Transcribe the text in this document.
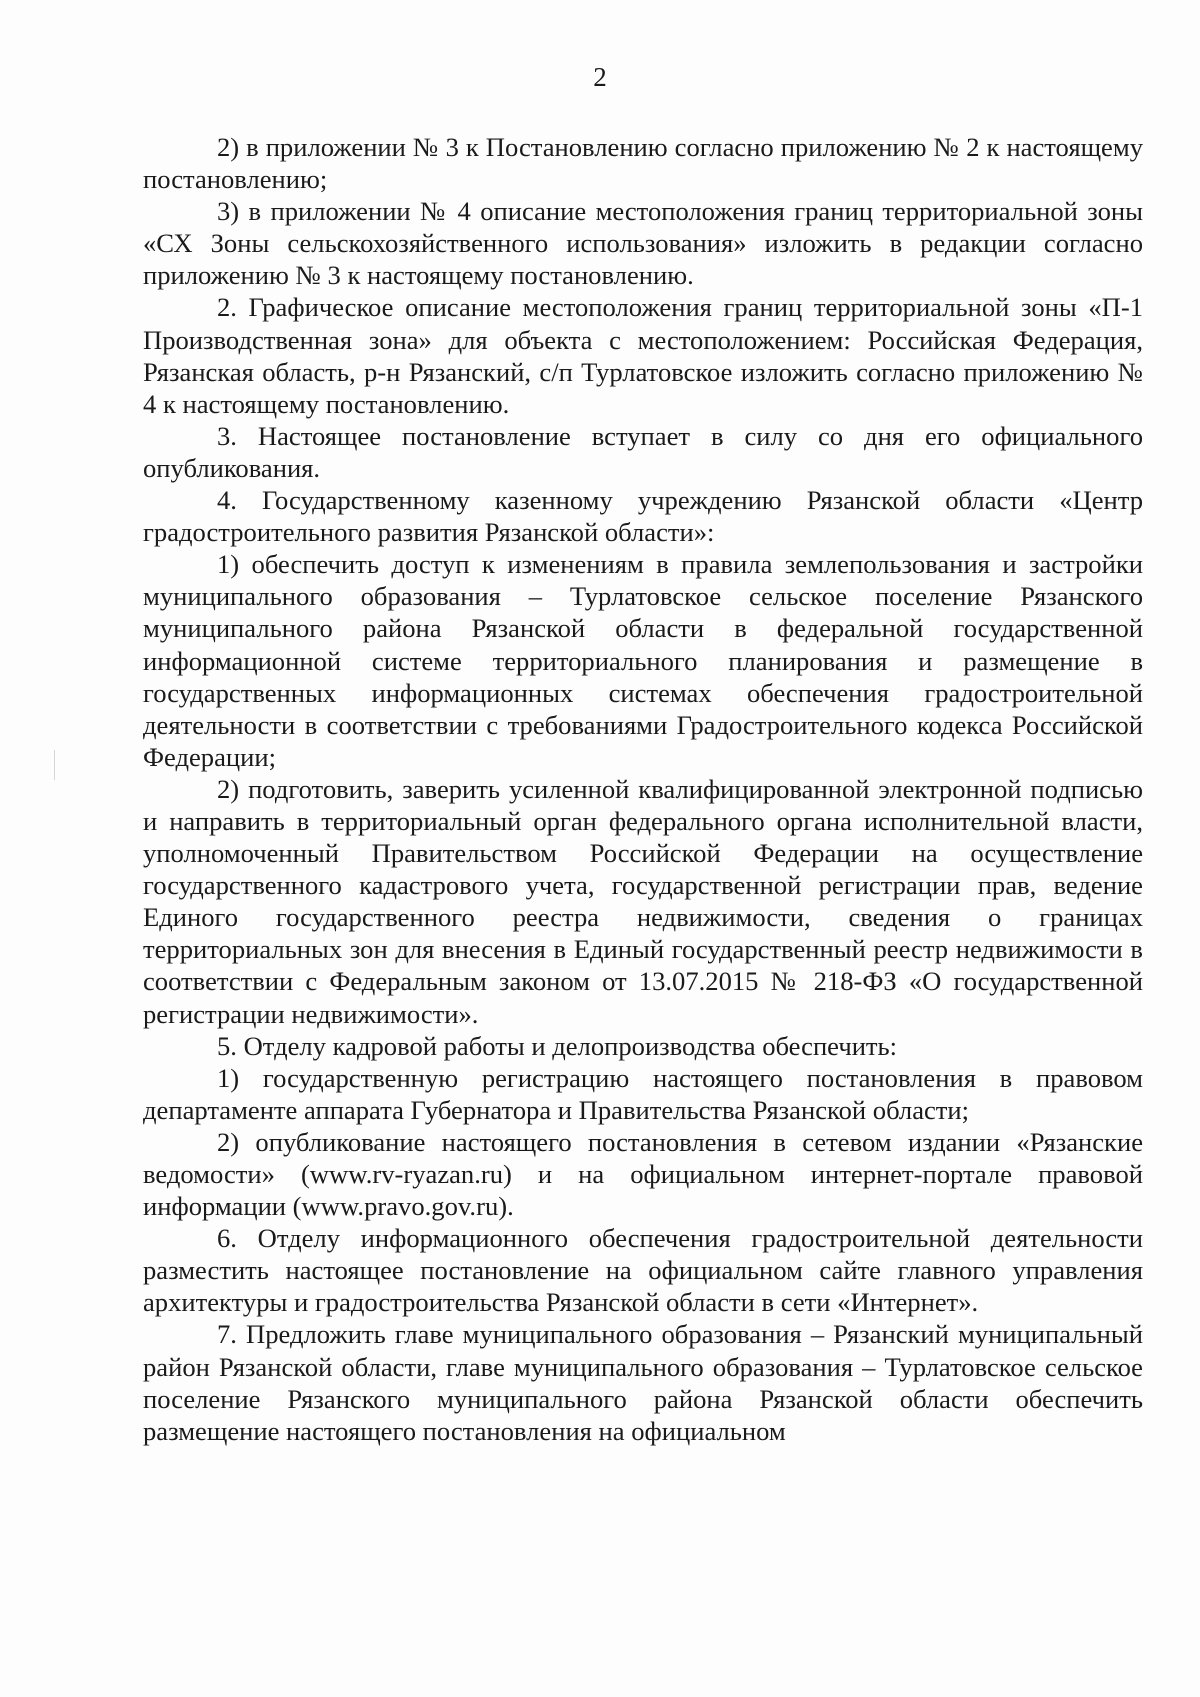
2

2) в приложении № 3 к Постановлению согласно приложению № 2 к настоящему постановлению;

3) в приложении № 4 описание местоположения границ территориальной зоны «СХ Зоны сельскохозяйственного использования» изложить в редакции согласно приложению № 3 к настоящему постановлению.

2. Графическое описание местоположения границ территориальной зоны «П-1 Производственная зона» для объекта с местоположением: Российская Федерация, Рязанская область, р-н Рязанский, с/п Турлатовское изложить согласно приложению № 4 к настоящему постановлению.

3. Настоящее постановление вступает в силу со дня его официального опубликования.

4. Государственному казенному учреждению Рязанской области «Центр градостроительного развития Рязанской области»:

1) обеспечить доступ к изменениям в правила землепользования и застройки муниципального образования – Турлатовское сельское поселение Рязанского муниципального района Рязанской области в федеральной государственной информационной системе территориального планирования и размещение в государственных информационных системах обеспечения градостроительной деятельности в соответствии с требованиями Градостроительного кодекса Российской Федерации;

2) подготовить, заверить усиленной квалифицированной электронной подписью и направить в территориальный орган федерального органа исполнительной власти, уполномоченный Правительством Российской Федерации на осуществление государственного кадастрового учета, государственной регистрации прав, ведение Единого государственного реестра недвижимости, сведения о границах территориальных зон для внесения в Единый государственный реестр недвижимости в соответствии с Федеральным законом от 13.07.2015 № 218-ФЗ «О государственной регистрации недвижимости».

5. Отделу кадровой работы и делопроизводства обеспечить:

1) государственную регистрацию настоящего постановления в правовом департаменте аппарата Губернатора и Правительства Рязанской области;

2) опубликование настоящего постановления в сетевом издании «Рязанские ведомости» (www.rv-ryazan.ru) и на официальном интернет-портале правовой информации (www.pravo.gov.ru).

6. Отделу информационного обеспечения градостроительной деятельности разместить настоящее постановление на официальном сайте главного управления архитектуры и градостроительства Рязанской области в сети «Интернет».

7. Предложить главе муниципального образования – Рязанский муниципальный район Рязанской области, главе муниципального образования – Турлатовское сельское поселение Рязанского муниципального района Рязанской области обеспечить размещение настоящего постановления на официальном
